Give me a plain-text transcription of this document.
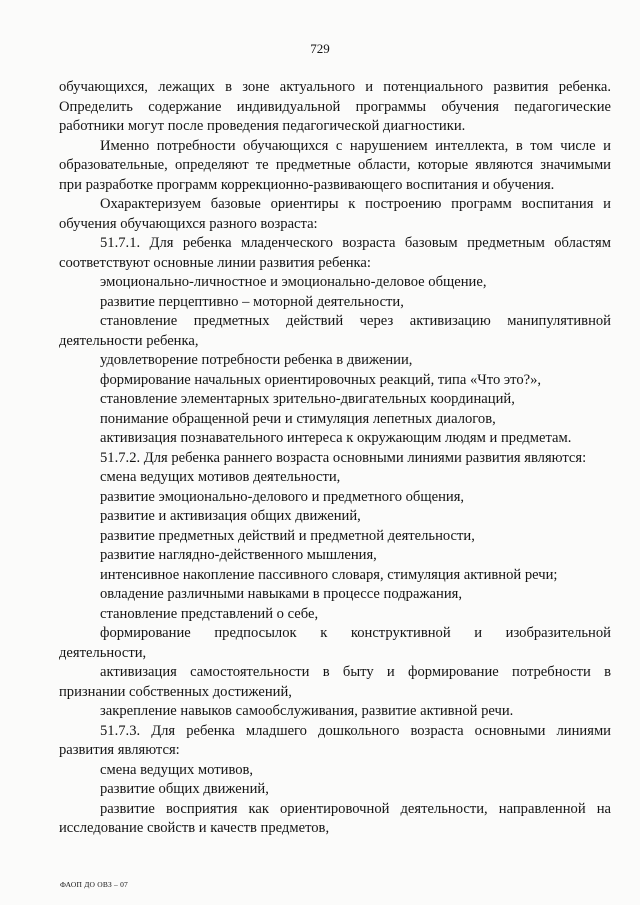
729

обучающихся, лежащих в зоне актуального и потенциального развития ребенка. Определить содержание индивидуальной программы обучения педагогические работники могут после проведения педагогической диагностики.

Именно потребности обучающихся с нарушением интеллекта, в том числе и образовательные, определяют те предметные области, которые являются значимыми при разработке программ коррекционно-развивающего воспитания и обучения.

Охарактеризуем базовые ориентиры к построению программ воспитания и обучения обучающихся разного возраста:

51.7.1. Для ребенка младенческого возраста базовым предметным областям соответствуют основные линии развития ребенка:

эмоционально-личностное и эмоционально-деловое общение,

развитие перцептивно – моторной деятельности,

становление предметных действий через активизацию манипулятивной деятельности ребенка,

удовлетворение потребности ребенка в движении,

формирование начальных ориентировочных реакций, типа «Что это?»,

становление элементарных зрительно-двигательных координаций,

понимание обращенной речи и стимуляция лепетных диалогов,

активизация познавательного интереса к окружающим людям и предметам.

51.7.2. Для ребенка раннего возраста основными линиями развития являются:

смена ведущих мотивов деятельности,

развитие эмоционально-делового и предметного общения,

развитие и активизация общих движений,

развитие предметных действий и предметной деятельности,

развитие наглядно-действенного мышления,

интенсивное накопление пассивного словаря, стимуляция активной речи;

овладение различными навыками в процессе подражания,

становление представлений о себе,

формирование предпосылок к конструктивной и изобразительной
деятельности,

активизация самостоятельности в быту и формирование потребности в признании собственных достижений,

закрепление навыков самообслуживания, развитие активной речи.

51.7.3. Для ребенка младшего дошкольного возраста основными линиями развития являются:

смена ведущих мотивов,

развитие общих движений,

развитие восприятия как ориентировочной деятельности, направленной на исследование свойств и качеств предметов,

ФАОП ДО ОВЗ – 07
